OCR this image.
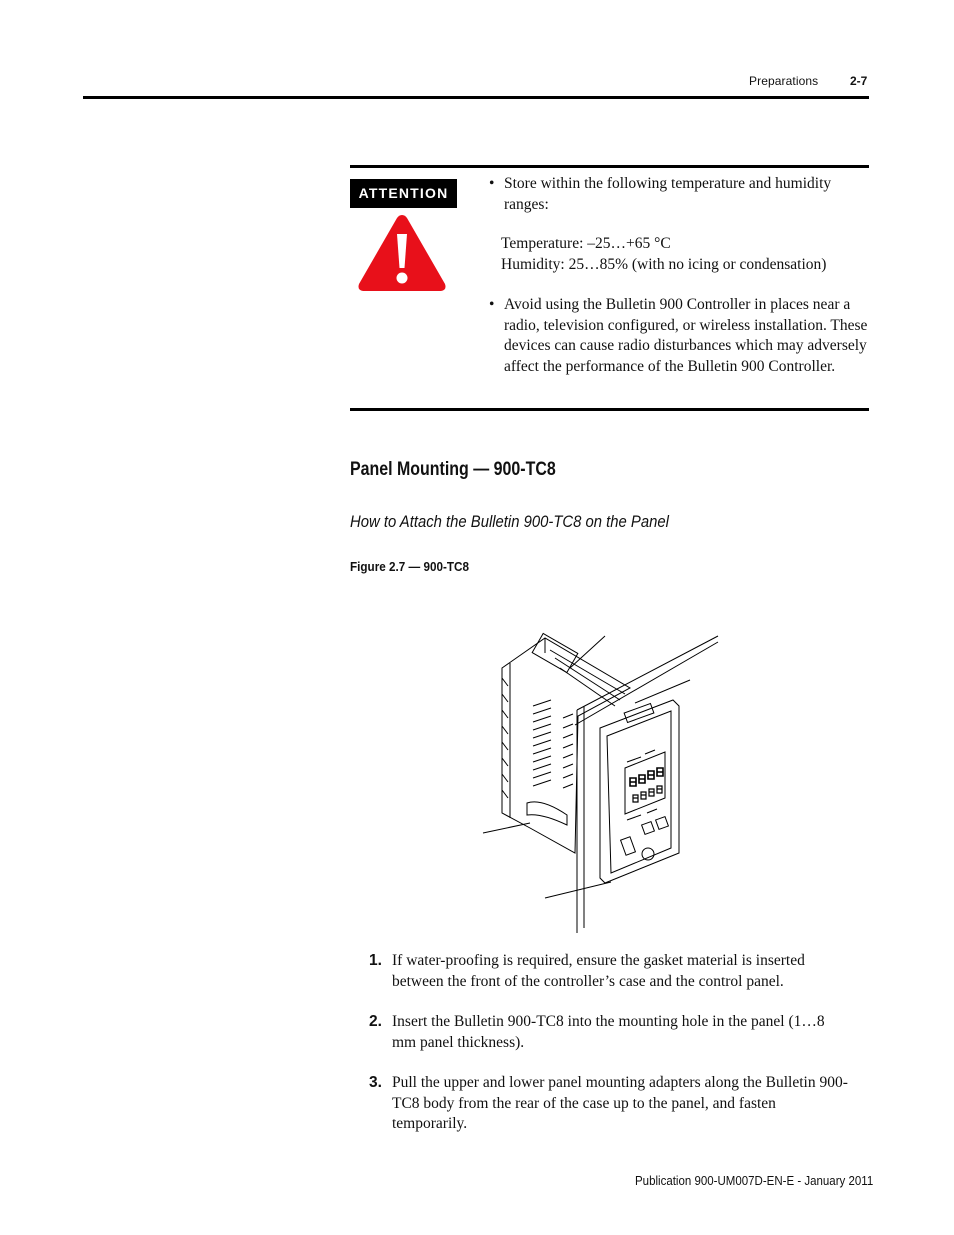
Preparations	2-7
ATTENTION
• Store within the following temperature and humidity ranges:
Temperature: –25…+65 °C
Humidity: 25…85% (with no icing or condensation)
• Avoid using the Bulletin 900 Controller in places near a radio, television configured, or wireless installation. These devices can cause radio disturbances which may adversely affect the performance of the Bulletin 900 Controller.
Panel Mounting — 900-TC8
How to Attach the Bulletin 900-TC8 on the Panel
Figure 2.7 — 900-TC8
1. If water-proofing is required, ensure the gasket material is inserted between the front of the controller’s case and the control panel.
2. Insert the Bulletin 900-TC8 into the mounting hole in the panel (1…8 mm panel thickness).
3. Pull the upper and lower panel mounting adapters along the Bulletin 900-TC8 body from the rear of the case up to the panel, and fasten temporarily.
Publication 900-UM007D-EN-E - January 2011
